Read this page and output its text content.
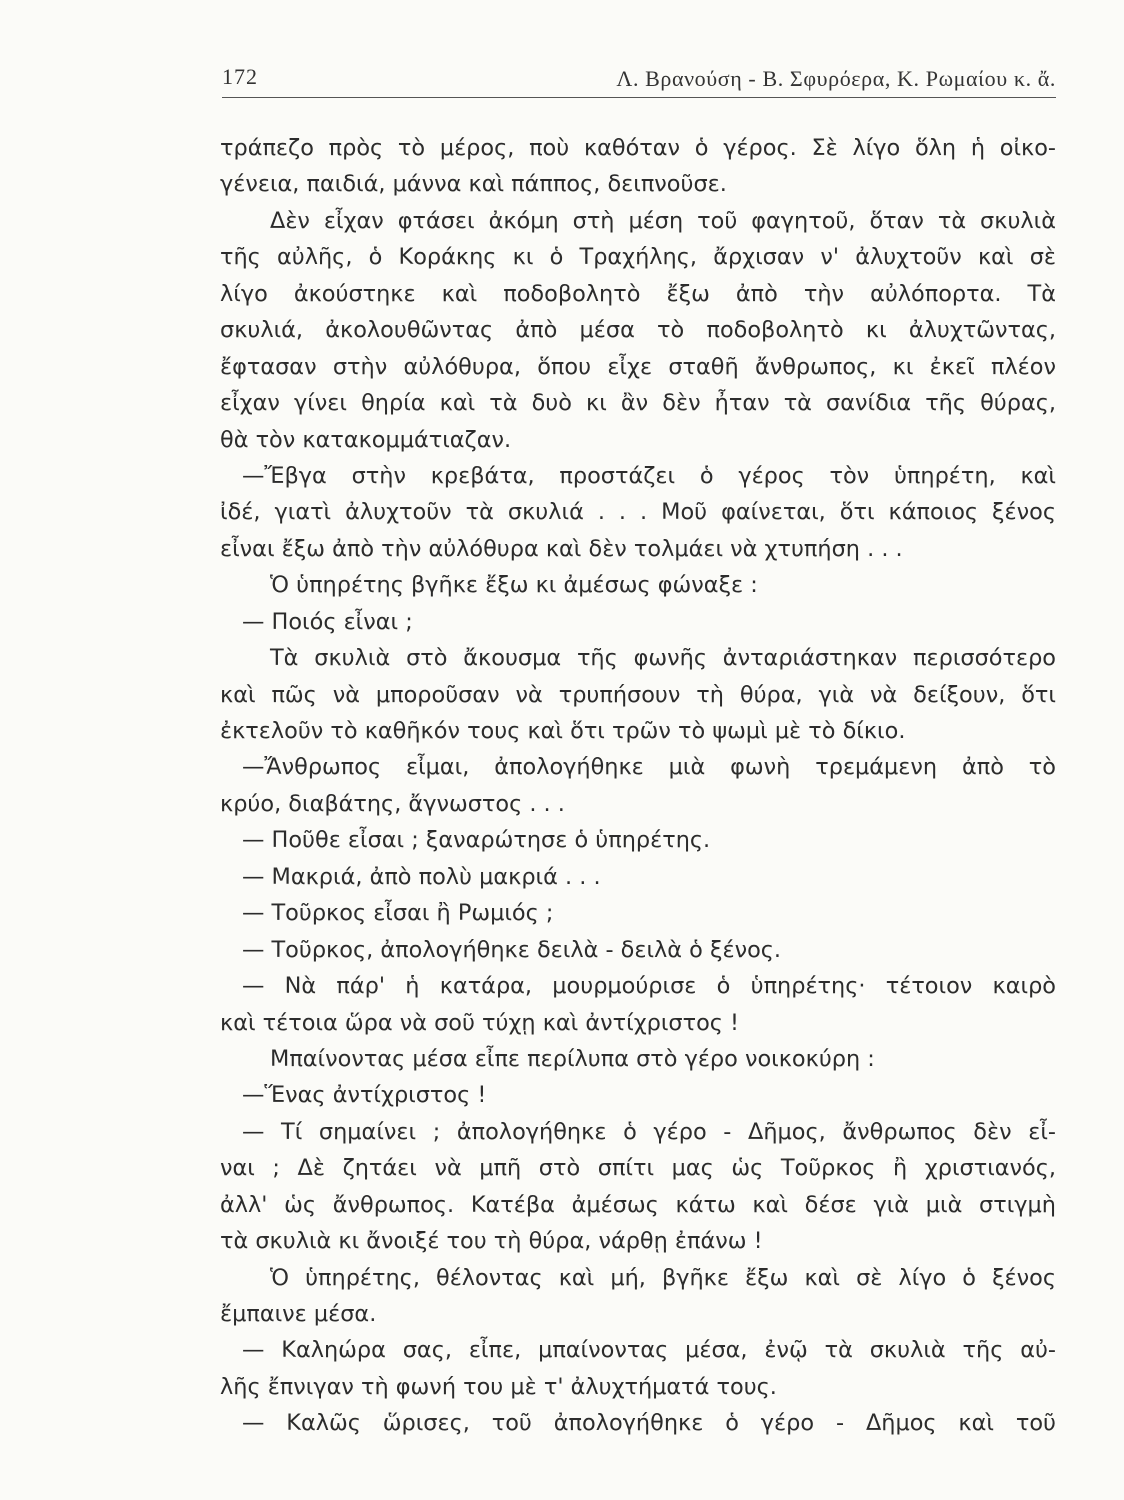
172	Λ. Βρανούση - Β. Σφυρόερα, Κ. Ρωμαίου κ. ἄ.
τράπεζο πρὸς τὸ μέρος, ποὺ καθόταν ὁ γέρος. Σὲ λίγο ὅλη ἡ οἰκο-
γένεια, παιδιά, μάννα καὶ πάππος, δειπνοῦσε.
Δὲν εἶχαν φτάσει ἀκόμη στὴ μέση τοῦ φαγητοῦ, ὅταν τὰ σκυλιὰ
τῆς αὐλῆς, ὁ Κοράκης κι ὁ Τραχήλης, ἄρχισαν ν' ἀλυχτοῦν καὶ σὲ
λίγο ἀκούστηκε καὶ ποδοβολητὸ ἔξω ἀπὸ τὴν αὐλόπορτα. Τὰ
σκυλιά, ἀκολουθῶντας ἀπὸ μέσα τὸ ποδοβολητὸ κι ἀλυχτῶντας,
ἔφτασαν στὴν αὐλόθυρα, ὅπου εἶχε σταθῆ ἄνθρωπος, κι ἐκεῖ πλέον
εἶχαν γίνει θηρία καὶ τὰ δυὸ κι ἂν δὲν ἦταν τὰ σανίδια τῆς θύρας,
θὰ τὸν κατακομμάτιαζαν.
—Ἔβγα στὴν κρεβάτα, προστάζει ὁ γέρος τὸν ὑπηρέτη, καὶ
ἰδέ, γιατὶ ἀλυχτοῦν τὰ σκυλιά . . . Μοῦ φαίνεται, ὅτι κάποιος ξένος
εἶναι ἔξω ἀπὸ τὴν αὐλόθυρα καὶ δὲν τολμάει νὰ χτυπήση . . .
Ὁ ὑπηρέτης βγῆκε ἔξω κι ἀμέσως φώναξε :
— Ποιός εἶναι ;
Τὰ σκυλιὰ στὸ ἄκουσμα τῆς φωνῆς ἀνταριάστηκαν περισσότερο
καὶ πῶς νὰ μποροῦσαν νὰ τρυπήσουν τὴ θύρα, γιὰ νὰ δείξουν, ὅτι
ἐκτελοῦν τὸ καθῆκόν τους καὶ ὅτι τρῶν τὸ ψωμὶ μὲ τὸ δίκιο.
—Ἄνθρωπος εἶμαι, ἀπολογήθηκε μιὰ φωνὴ τρεμάμενη ἀπὸ τὸ
κρύο, διαβάτης, ἄγνωστος . . .
— Ποῦθε εἶσαι ; ξαναρώτησε ὁ ὑπηρέτης.
— Μακριά, ἀπὸ πολὺ μακριά . . .
— Τοῦρκος εἶσαι ἢ Ρωμιός ;
— Τοῦρκος, ἀπολογήθηκε δειλὰ - δειλὰ ὁ ξένος.
— Νὰ πάρ' ἡ κατάρα, μουρμούρισε ὁ ὑπηρέτης· τέτοιον καιρὸ
καὶ τέτοια ὥρα νὰ σοῦ τύχῃ καὶ ἀντίχριστος !
Μπαίνοντας μέσα εἶπε περίλυπα στὸ γέρο νοικοκύρη :
—Ἕνας ἀντίχριστος !
— Τί σημαίνει ; ἀπολογήθηκε ὁ γέρο - Δῆμος, ἄνθρωπος δὲν εἶ-
ναι ; Δὲ ζητάει νὰ μπῆ στὸ σπίτι μας ὡς Τοῦρκος ἢ χριστιανός,
ἀλλ' ὡς ἄνθρωπος. Κατέβα ἀμέσως κάτω καὶ δέσε γιὰ μιὰ στιγμὴ
τὰ σκυλιὰ κι ἄνοιξέ του τὴ θύρα, νάρθῃ ἐπάνω !
Ὁ ὑπηρέτης, θέλοντας καὶ μή, βγῆκε ἔξω καὶ σὲ λίγο ὁ ξένος
ἔμπαινε μέσα.
— Καληώρα σας, εἶπε, μπαίνοντας μέσα, ἐνῷ τὰ σκυλιὰ τῆς αὐ-
λῆς ἔπνιγαν τὴ φωνή του μὲ τ' ἀλυχτήματά τους.
— Καλῶς ὥρισες, τοῦ ἀπολογήθηκε ὁ γέρο - Δῆμος καὶ τοῦ
